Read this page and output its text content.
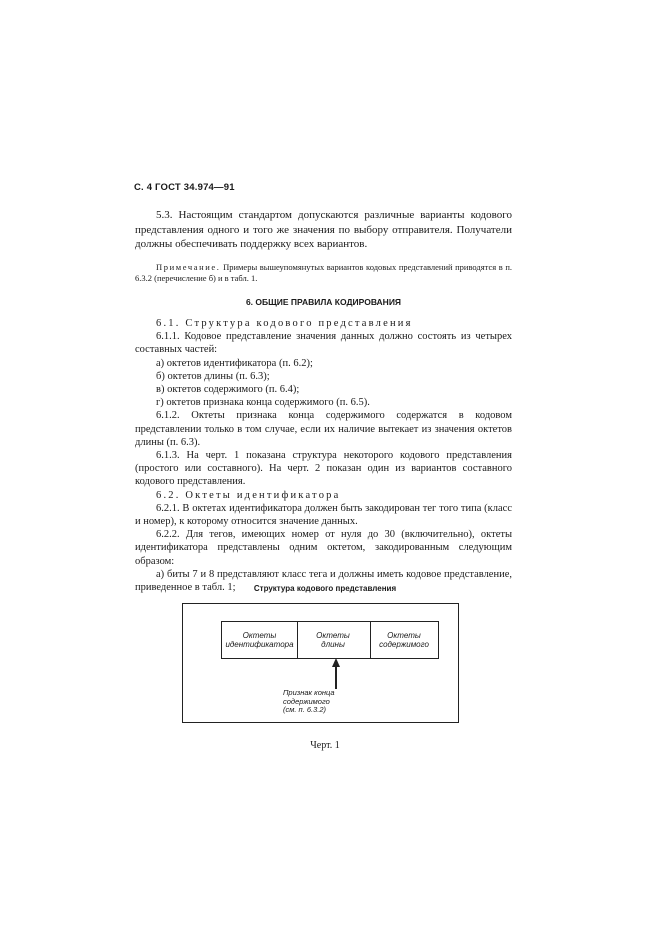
С. 4 ГОСТ 34.974—91
5.3. Настоящим стандартом допускаются различные варианты кодового представления одного и того же значения по выбору отправителя. Получатели должны обеспечивать поддержку всех вариантов.
Примечание. Примеры вышеупомянутых вариантов кодовых представлений приводятся в п. 6.3.2 (перечисление б) и в табл. 1.
6. ОБЩИЕ ПРАВИЛА КОДИРОВАНИЯ
6.1. Структура кодового представления
6.1.1. Кодовое представление значения данных должно состоять из четырех составных частей:
а) октетов идентификатора (п. 6.2);
б) октетов длины (п. 6.3);
в) октетов содержимого (п. 6.4);
г) октетов признака конца содержимого (п. 6.5).
6.1.2. Октеты признака конца содержимого содержатся в кодовом представлении только в том случае, если их наличие вытекает из значения октетов длины (п. 6.3).
6.1.3. На черт. 1 показана структура некоторого кодового представления (простого или составного). На черт. 2 показан один из вариантов составного кодового представления.
6.2. Октеты идентификатора
6.2.1. В октетах идентификатора должен быть закодирован тег того типа (класс и номер), к которому относится значение данных.
6.2.2. Для тегов, имеющих номер от нуля до 30 (включительно), октеты идентификатора представлены одним октетом, закодированным следующим образом:
а) биты 7 и 8 представляют класс тега и должны иметь кодовое представление, приведенное в табл. 1;	Структура кодового представления
Октеты
идентификатора
Октеты
длины
Октеты
содержимого
Признак конца
содержимого
(см. п. 6.3.2)
Черт. 1
